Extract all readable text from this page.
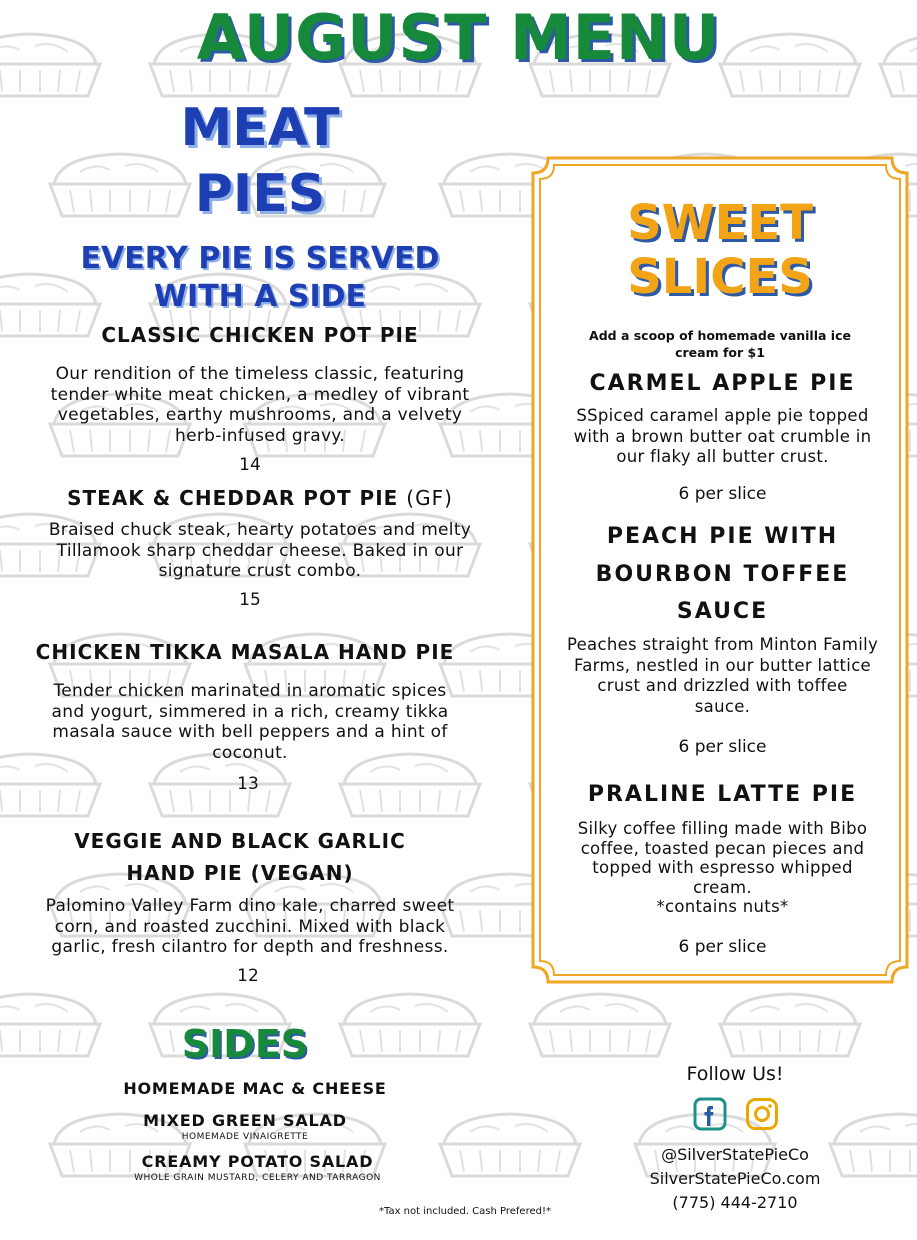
AUGUST MENU
MEAT
PIES
EVERY PIE IS SERVED
WITH A SIDE
CLASSIC CHICKEN POT PIE
Our rendition of the timeless classic, featuring
tender white meat chicken, a medley of vibrant
vegetables, earthy mushrooms, and a velvety
herb-infused gravy.
14
STEAK & CHEDDAR POT PIE (GF)
Braised chuck steak, hearty potatoes and melty
Tillamook sharp cheddar cheese. Baked in our
signature crust combo.
15
CHICKEN TIKKA MASALA HAND PIE
Tender chicken marinated in aromatic spices
and yogurt, simmered in a rich, creamy tikka
masala sauce with bell peppers and a hint of
coconut.
13
VEGGIE AND BLACK GARLIC
HAND PIE (VEGAN)
Palomino Valley Farm dino kale, charred sweet
corn, and roasted zucchini. Mixed with black
garlic, fresh cilantro for depth and freshness.
12
SWEET
SLICES
Add a scoop of homemade vanilla ice
cream for $1
CARMEL APPLE PIE
SSpiced caramel apple pie topped
with a brown butter oat crumble in
our flaky all butter crust.
6 per slice
PEACH PIE WITH
BOURBON TOFFEE
SAUCE
Peaches straight from Minton Family
Farms, nestled in our butter lattice
crust and drizzled with toffee
sauce.
6 per slice
PRALINE LATTE PIE
Silky coffee filling made with Bibo
coffee, toasted pecan pieces and
topped with espresso whipped
cream.
*contains nuts*
6 per slice
SIDES
HOMEMADE MAC & CHEESE
MIXED GREEN SALAD
HOMEMADE VINAIGRETTE
CREAMY POTATO SALAD
WHOLE GRAIN MUSTARD, CELERY AND TARRAGON
*Tax not included. Cash Prefered!*
Follow Us!
@SilverStatePieCo
SilverStatePieCo.com
(775) 444-2710
